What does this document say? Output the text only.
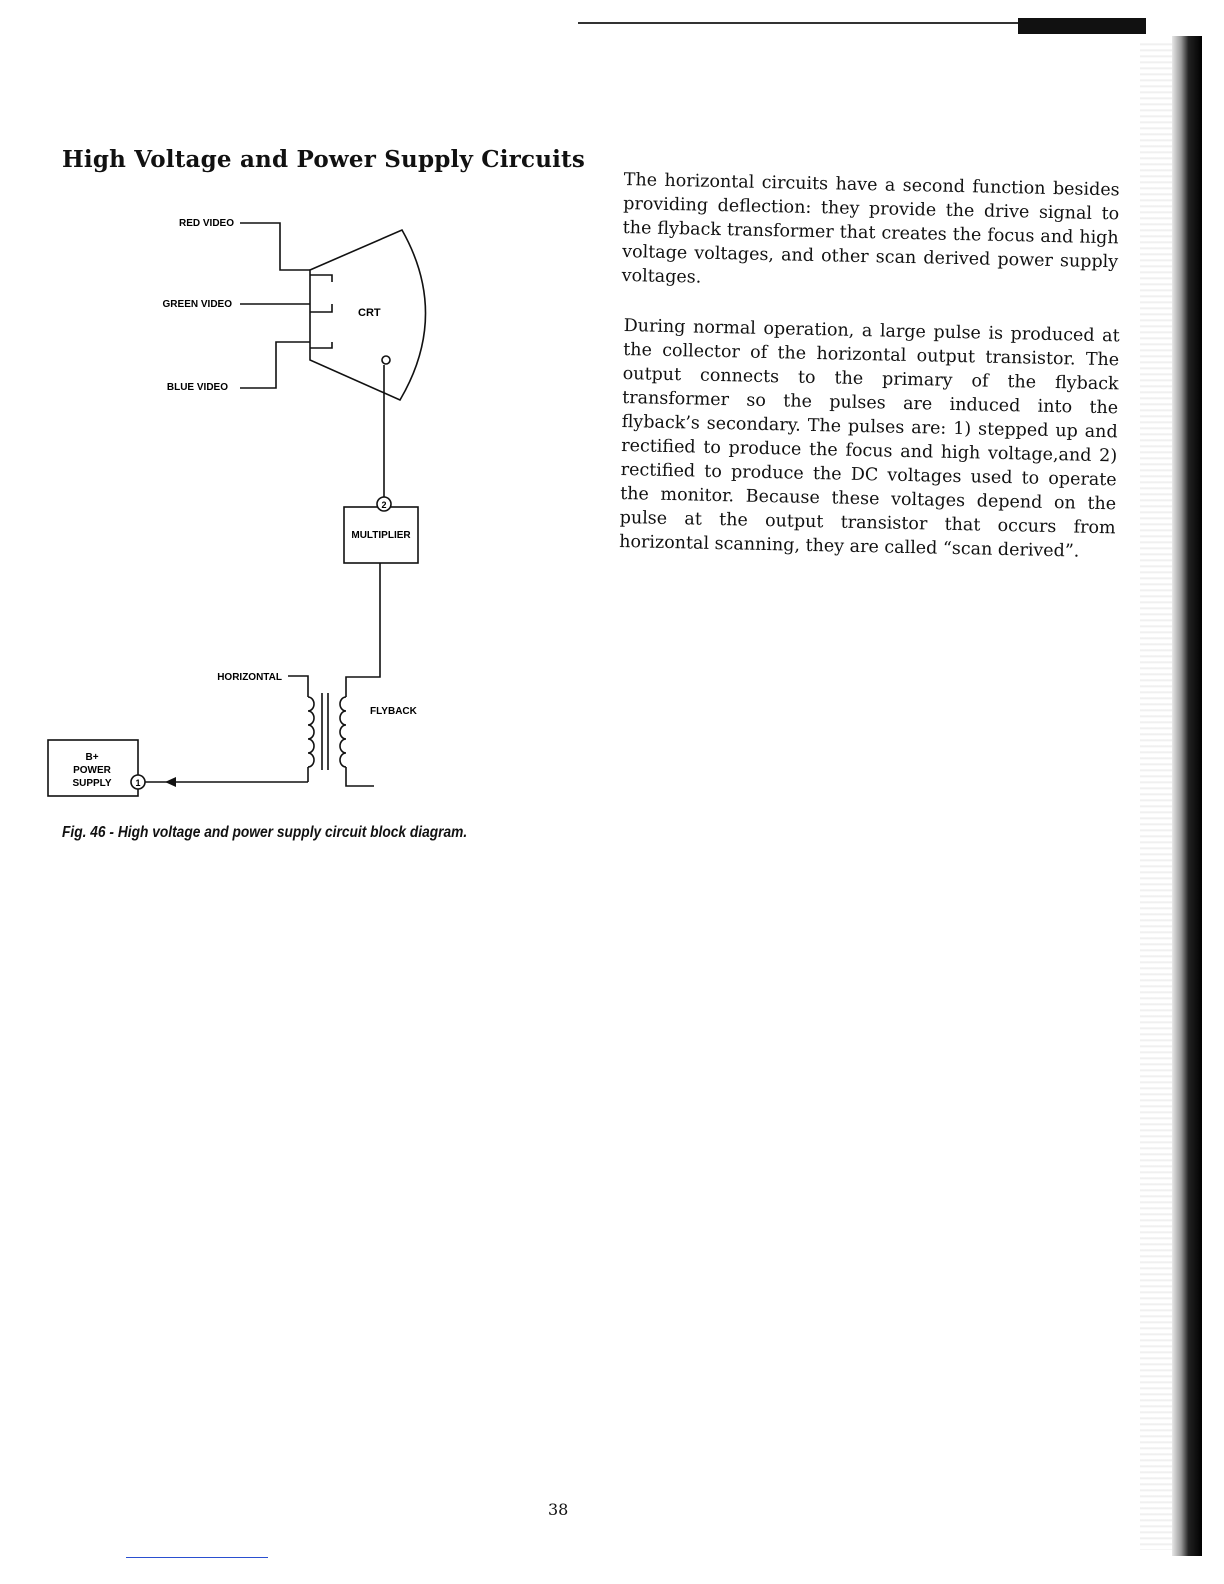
High Voltage and Power Supply Circuits
RED VIDEO
GREEN VIDEO
BLUE VIDEO
CRT
MULTIPLIER
2
HORIZONTAL
FLYBACK
B+
POWER
SUPPLY	1

Fig. 46 - High voltage and power supply circuit block diagram.

The horizontal circuits have a second function besides providing deflection: they provide the drive signal to the flyback transformer that creates the focus and high voltage voltages, and other scan derived power supply voltages.

During normal operation, a large pulse is produced at the collector of the horizontal output transistor. The output connects to the primary of the flyback transformer so the pulses are induced into the flyback’s secondary. The pulses are: 1) stepped up and rectified to produce the focus and high voltage,and 2) rectified to produce the DC voltages used to operate the monitor. Because these voltages depend on the pulse at the output transistor that occurs from horizontal scanning, they are called “scan derived”.

38
